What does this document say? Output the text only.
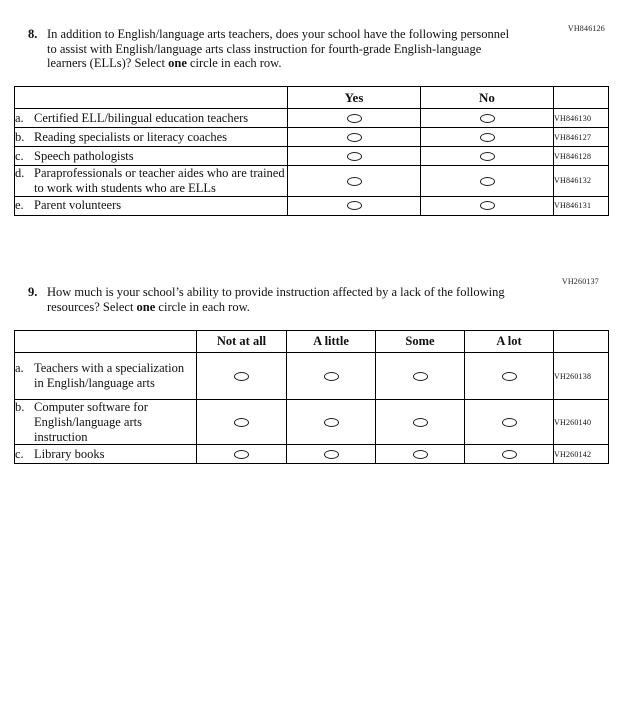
VH846126
8. In addition to English/language arts teachers, does your school have the following personnel to assist with English/language arts class instruction for fourth-grade English-language learners (ELLs)? Select one circle in each row.

	Yes	No	

a. Certified ELL/bilingual education teachers			VH846130

b. Reading specialists or literacy coaches			VH846127

c. Speech pathologists			VH846128

d. Paraprofessionals or teacher aides who are trained to work with students who are ELLs			VH846132

e. Parent volunteers			VH846131
VH260137
9. How much is your school’s ability to provide instruction affected by a lack of the following resources? Select one circle in each row.

	Not at all	A little	Some	A lot	

a. Teachers with a specialization in English/language arts					VH260138

b. Computer software for English/language arts instruction					VH260140

c. Library books					VH260142
